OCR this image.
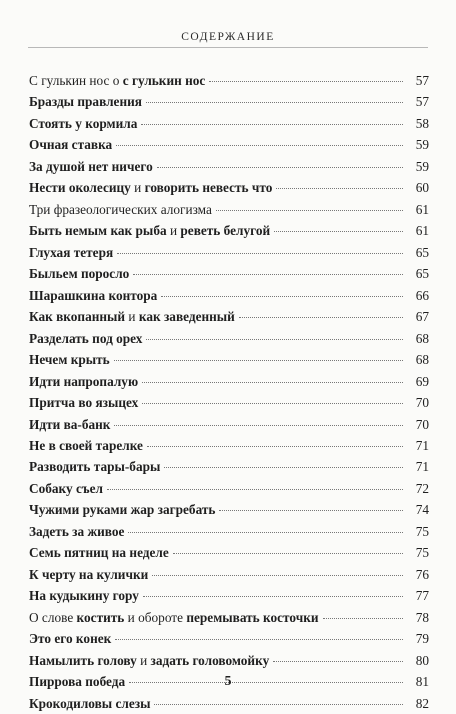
СОДЕРЖАНИЕ
С гулькин нос о с гулькин нос	57
Бразды правления	57
Стоять у кормила	58
Очная ставка	59
За душой нет ничего	59
Нести околесицу и говорить невесть что	60
Три фразеологических алогизма	61
Быть немым как рыба и реветь белугой	61
Глухая тетеря	65
Быльем поросло	65
Шарашкина контора	66
Как вкопанный и как заведенный	67
Разделать под орех	68
Нечем крыть	68
Идти напропалую	69
Притча во языцех	70
Идти ва-банк	70
Не в своей тарелке	71
Разводить тары-бары	71
Собаку съел	72
Чужими руками жар загребать	74
Задеть за живое	75
Семь пятниц на неделе	75
К черту на кулички	76
На кудыкину гору	77
О слове костить и обороте перемывать косточки	78
Это его конек	79
Намылить голову и задать головомойку	80
Пиррова победа	81
Крокодиловы слезы	82
5
